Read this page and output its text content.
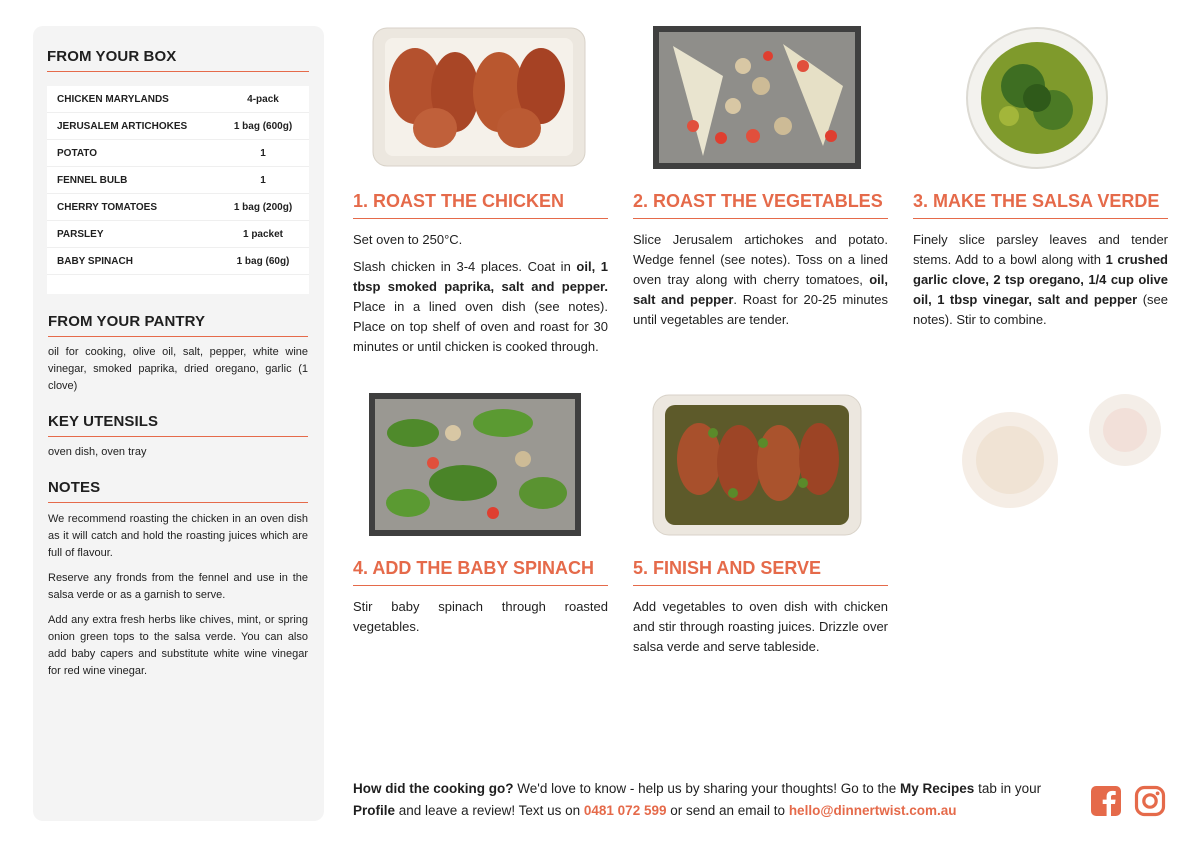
FROM YOUR BOX
CHICKEN MARYLANDS	4-pack
JERUSALEM ARTICHOKES	1 bag (600g)
POTATO	1
FENNEL BULB	1
CHERRY TOMATOES	1 bag (200g)
PARSLEY	1 packet
BABY SPINACH	1 bag (60g)
FROM YOUR PANTRY
oil for cooking, olive oil, salt, pepper, white wine vinegar, smoked paprika, dried oregano, garlic (1 clove)
KEY UTENSILS
oven dish, oven tray
NOTES

We recommend roasting the chicken in an oven dish as it will catch and hold the roasting juices which are full of flavour.

Reserve any fronds from the fennel and use in the salsa verde or as a garnish to serve.

Add any extra fresh herbs like chives, mint, or spring onion green tops to the salsa verde. You can also add baby capers and substitute white wine vinegar for red wine vinegar.

1. ROAST THE CHICKEN

Set oven to 250°C.

Slash chicken in 3-4 places. Coat in oil, 1 tbsp smoked paprika, salt and pepper. Place in a lined oven dish (see notes). Place on top shelf of oven and roast for 30 minutes or until chicken is cooked through.

2. ROAST THE VEGETABLES

Slice Jerusalem artichokes and potato. Wedge fennel (see notes). Toss on a lined oven tray along with cherry tomatoes, oil, salt and pepper. Roast for 20-25 minutes until vegetables are tender.

3. MAKE THE SALSA VERDE

Finely slice parsley leaves and tender stems. Add to a bowl along with 1 crushed garlic clove, 2 tsp oregano, 1/4 cup olive oil, 1 tbsp vinegar, salt and pepper (see notes). Stir to combine.

4. ADD THE BABY SPINACH

Stir baby spinach through roasted vegetables.

5. FINISH AND SERVE

Add vegetables to oven dish with chicken and stir through roasting juices. Drizzle over salsa verde and serve tableside.

How did the cooking go? We'd love to know - help us by sharing your thoughts! Go to the My Recipes tab in your Profile and leave a review! Text us on 0481 072 599 or send an email to hello@dinnertwist.com.au
